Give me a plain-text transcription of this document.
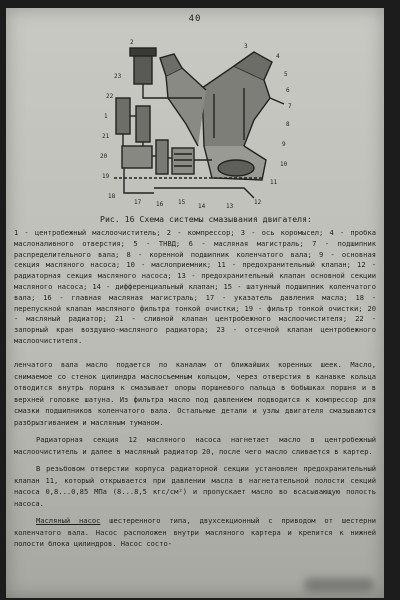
40
1
2
3
4
5
6
7
8
9
10
11
12
13
14
15
16
17
18
19
20
21
22
23
Рис. 16 Схема системы смазывания двигателя:

1 - центробежный маслоочиститель; 2 - компрессор; 3 - ось коромысел; 4 - пробка маслоналивного отверстия; 5 - ТНВД; 6 - масляная магистраль; 7 - подшипник распределительного вала; 8 - коренной подшипник коленчатого вала; 9 - основная секция масляного насоса; 10 - маслоприемник; 11 - предохранительный клапан; 12 - радиаторная секция масляного насоса; 13 - предохранительный клапан основной секции масляного насоса; 14 - дифференциальный клапан; 15 - шатунный подшипник коленчатого вала; 16 - главная масляная магистраль; 17 - указатель давления масла; 18 - перепускной клапан масляного фильтра тонкой очистки; 19 - фильтр тонкой очистки; 20 - масляный радиатор; 21 - сливной клапан центробежного маслоочистителя; 22 - запорный кран воздушно-масляного радиатора; 23 - отсечной клапан центробежного маслоочистителя.

ленчатого вала масло подается по каналам от ближайших коренных шеек. Масло, снимаемое со стенок цилиндра маслосъемным кольцом, через отверстия в канавке кольца отводится внутрь поршня к смазывает опоры поршневого пальца в бобышках поршня и в верхней головке шатуна. Из фильтра масло под давлением подводится к компрессор для смазки подшипников коленчатого вала. Остальные детали и узлы двигателя смазываются разбрызгиванием и масляным туманом.

Радиаторная секция 12 масляного насоса нагнетает масло в центробежный маслоочиститель и далее в масляный радиатор 20, после чего масло сливается в картер.

В резьбовом отверстии корпуса радиаторной секции установлен предохранительный клапан 11, который открывается при давлении масла в нагнетательной полости секций насоса 0,8...0,85 МПа (8...8,5 кгс/см²) и пропускает масло во всасывающую полость насоса.

Масляный насос шестеренного типа, двухсекционный с приводом от шестерни коленчатого вала. Насос расположен внутри масляного картера и крепится к нижней полости блока цилиндров. Насос состо-
